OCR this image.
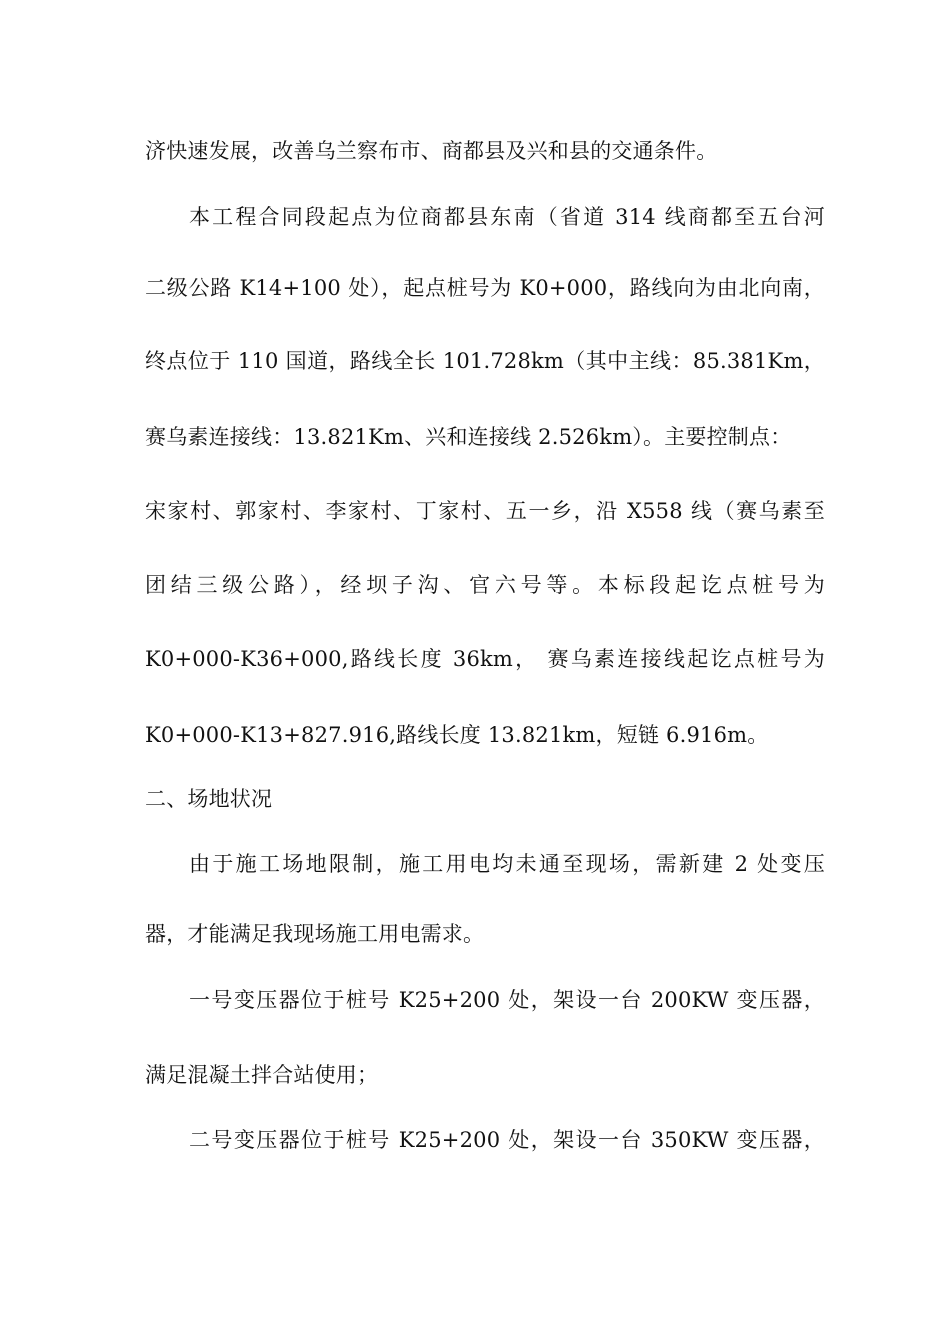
济快速发展，改善乌兰察布市、商都县及兴和县的交通条件。
本工程合同段起点为位商都县东南（省道 314 线商都至五台河
二级公路 K14+100 处），起点桩号为 K0+000，路线向为由北向南，
终点位于 110 国道，路线全长 101.728km（其中主线：85.381Km，
赛乌素连接线：13.821Km、兴和连接线 2.526km）。主要控制点：
宋家村、郭家村、李家村、丁家村、五一乡，沿 X558 线（赛乌素至
团结三级公路），经坝子沟、官六号等。本标段起讫点桩号为
K0+000-K36+000,路线长度 36km， 赛乌素连接线起讫点桩号为
K0+000-K13+827.916,路线长度 13.821km，短链 6.916m。
二、场地状况
由于施工场地限制，施工用电均未通至现场，需新建 2 处变压
器，才能满足我现场施工用电需求。
一号变压器位于桩号 K25+200 处，架设一台 200KW 变压器，
满足混凝土拌合站使用；
二号变压器位于桩号 K25+200 处，架设一台 350KW 变压器，
